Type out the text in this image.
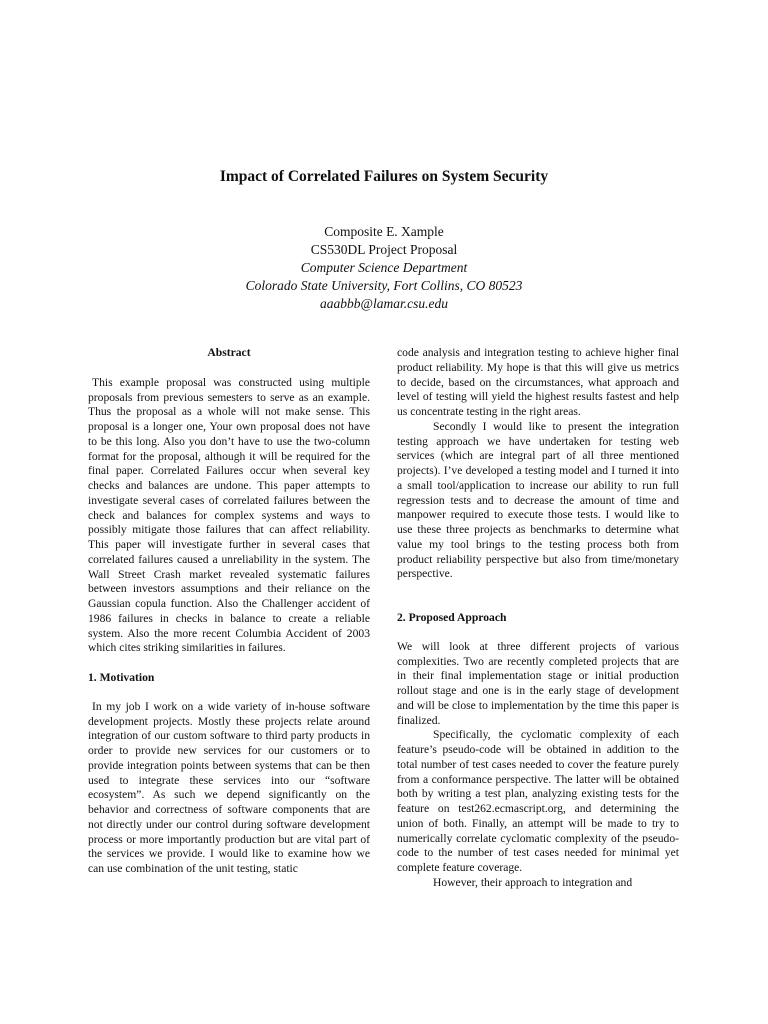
Impact of Correlated Failures on System Security
Composite E. Xample
CS530DL Project Proposal
Computer Science Department
Colorado State University, Fort Collins, CO 80523
aaabbb@lamar.csu.edu
Abstract

This example proposal was constructed using multiple proposals from previous semesters to serve as an example. Thus the proposal as a whole will not make sense. This proposal is a longer one, Your own proposal does not have to be this long. Also you don’t have to use the two-column format for the proposal, although it will be required for the final paper. Correlated Failures occur when several key checks and balances are undone. This paper attempts to investigate several cases of correlated failures between the check and balances for complex systems and ways to possibly mitigate those failures that can affect reliability. This paper will investigate further in several cases that correlated failures caused a unreliability in the system. The Wall Street Crash market revealed systematic failures between investors assumptions and their reliance on the Gaussian copula function. Also the Challenger accident of 1986 failures in checks in balance to create a reliable system. Also the more recent Columbia Accident of 2003 which cites striking similarities in failures.

1. Motivation

In my job I work on a wide variety of in-house software development projects. Mostly these projects relate around integration of our custom software to third party products in order to provide new services for our customers or to provide integration points between systems that can be then used to integrate these services into our “software ecosystem”. As such we depend significantly on the behavior and correctness of software components that are not directly under our control during software development process or more importantly production but are vital part of the services we provide. I would like to examine how we can use combination of the unit testing, static

code analysis and integration testing to achieve higher final product reliability. My hope is that this will give us metrics to decide, based on the circumstances, what approach and level of testing will yield the highest results fastest and help us concentrate testing in the right areas.

Secondly I would like to present the integration testing approach we have undertaken for testing web services (which are integral part of all three mentioned projects). I’ve developed a testing model and I turned it into a small tool/application to increase our ability to run full regression tests and to decrease the amount of time and manpower required to execute those tests. I would like to use these three projects as benchmarks to determine what value my tool brings to the testing process both from product reliability perspective but also from time/monetary perspective.

2. Proposed Approach

We will look at three different projects of various complexities. Two are recently completed projects that are in their final implementation stage or initial production rollout stage and one is in the early stage of development and will be close to implementation by the time this paper is finalized.

Specifically, the cyclomatic complexity of each feature’s pseudo-code will be obtained in addition to the total number of test cases needed to cover the feature purely from a conformance perspective. The latter will be obtained both by writing a test plan, analyzing existing tests for the feature on test262.ecmascript.org, and determining the union of both. Finally, an attempt will be made to try to numerically correlate cyclomatic complexity of the pseudo-code to the number of test cases needed for minimal yet complete feature coverage.

However, their approach to integration and
